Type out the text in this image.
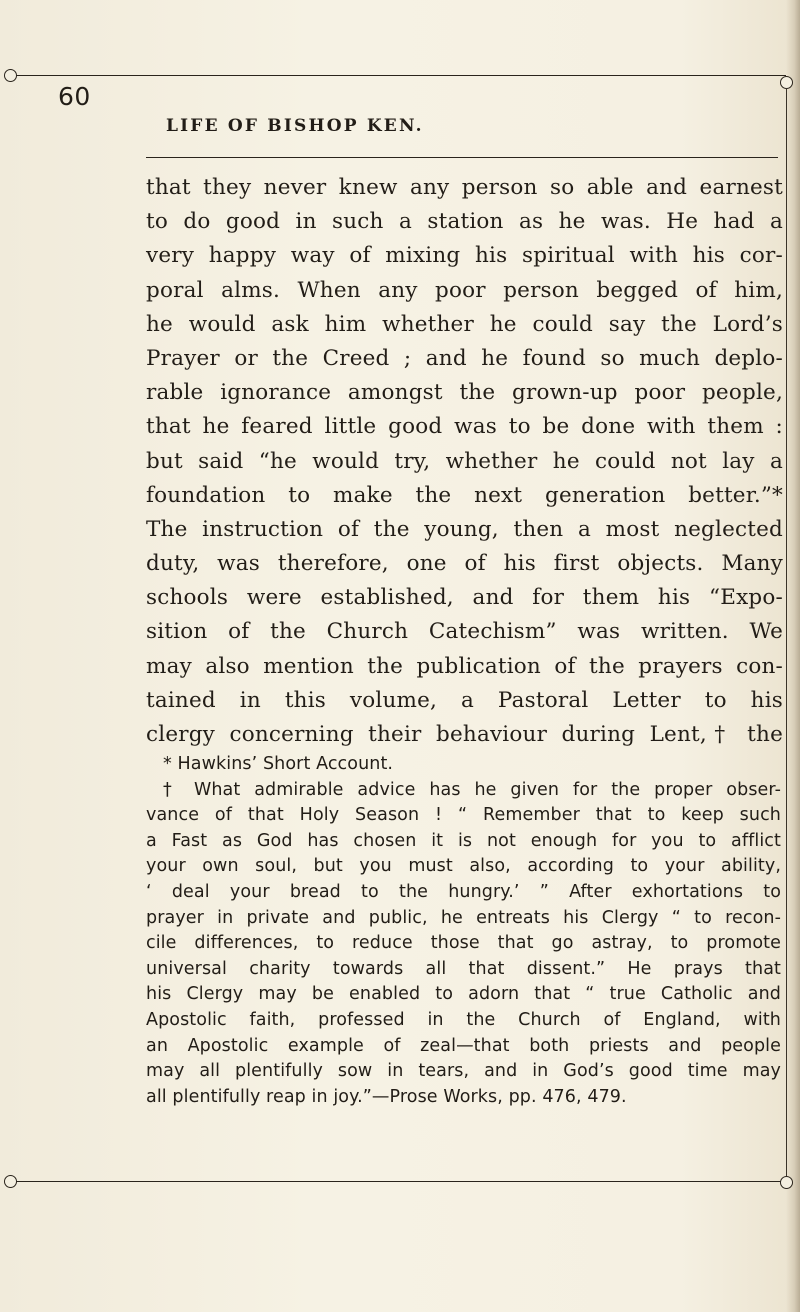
60
LIFE OF BISHOP KEN.
that they never knew any person so able and earnest
to do good in such a station as he was. He had a
very happy way of mixing his spiritual with his cor-
poral alms. When any poor person begged of him,
he would ask him whether he could say the Lord’s
Prayer or the Creed ; and he found so much deplo-
rable ignorance amongst the grown-up poor people,
that he feared little good was to be done with them :
but said “he would try, whether he could not lay a
foundation to make the next generation better.”*
The instruction of the young, then a most neglected
duty, was therefore, one of his first objects. Many
schools were established, and for them his “Expo-
sition of the Church Catechism” was written. We
may also mention the publication of the prayers con-
tained in this volume, a Pastoral Letter to his
clergy concerning their behaviour during Lent,† the
* Hawkins’ Short Account.
† What admirable advice has he given for the proper obser-
vance of that Holy Season ! “ Remember that to keep such
a Fast as God has chosen it is not enough for you to afflict
your own soul, but you must also, according to your ability,
‘ deal your bread to the hungry.’ ” After exhortations to
prayer in private and public, he entreats his Clergy “ to recon-
cile differences, to reduce those that go astray, to promote
universal charity towards all that dissent.” He prays that
his Clergy may be enabled to adorn that “ true Catholic and
Apostolic faith, professed in the Church of England, with
an Apostolic example of zeal—that both priests and people
may all plentifully sow in tears, and in God’s good time may
all plentifully reap in joy.”—Prose Works, pp. 476, 479.
